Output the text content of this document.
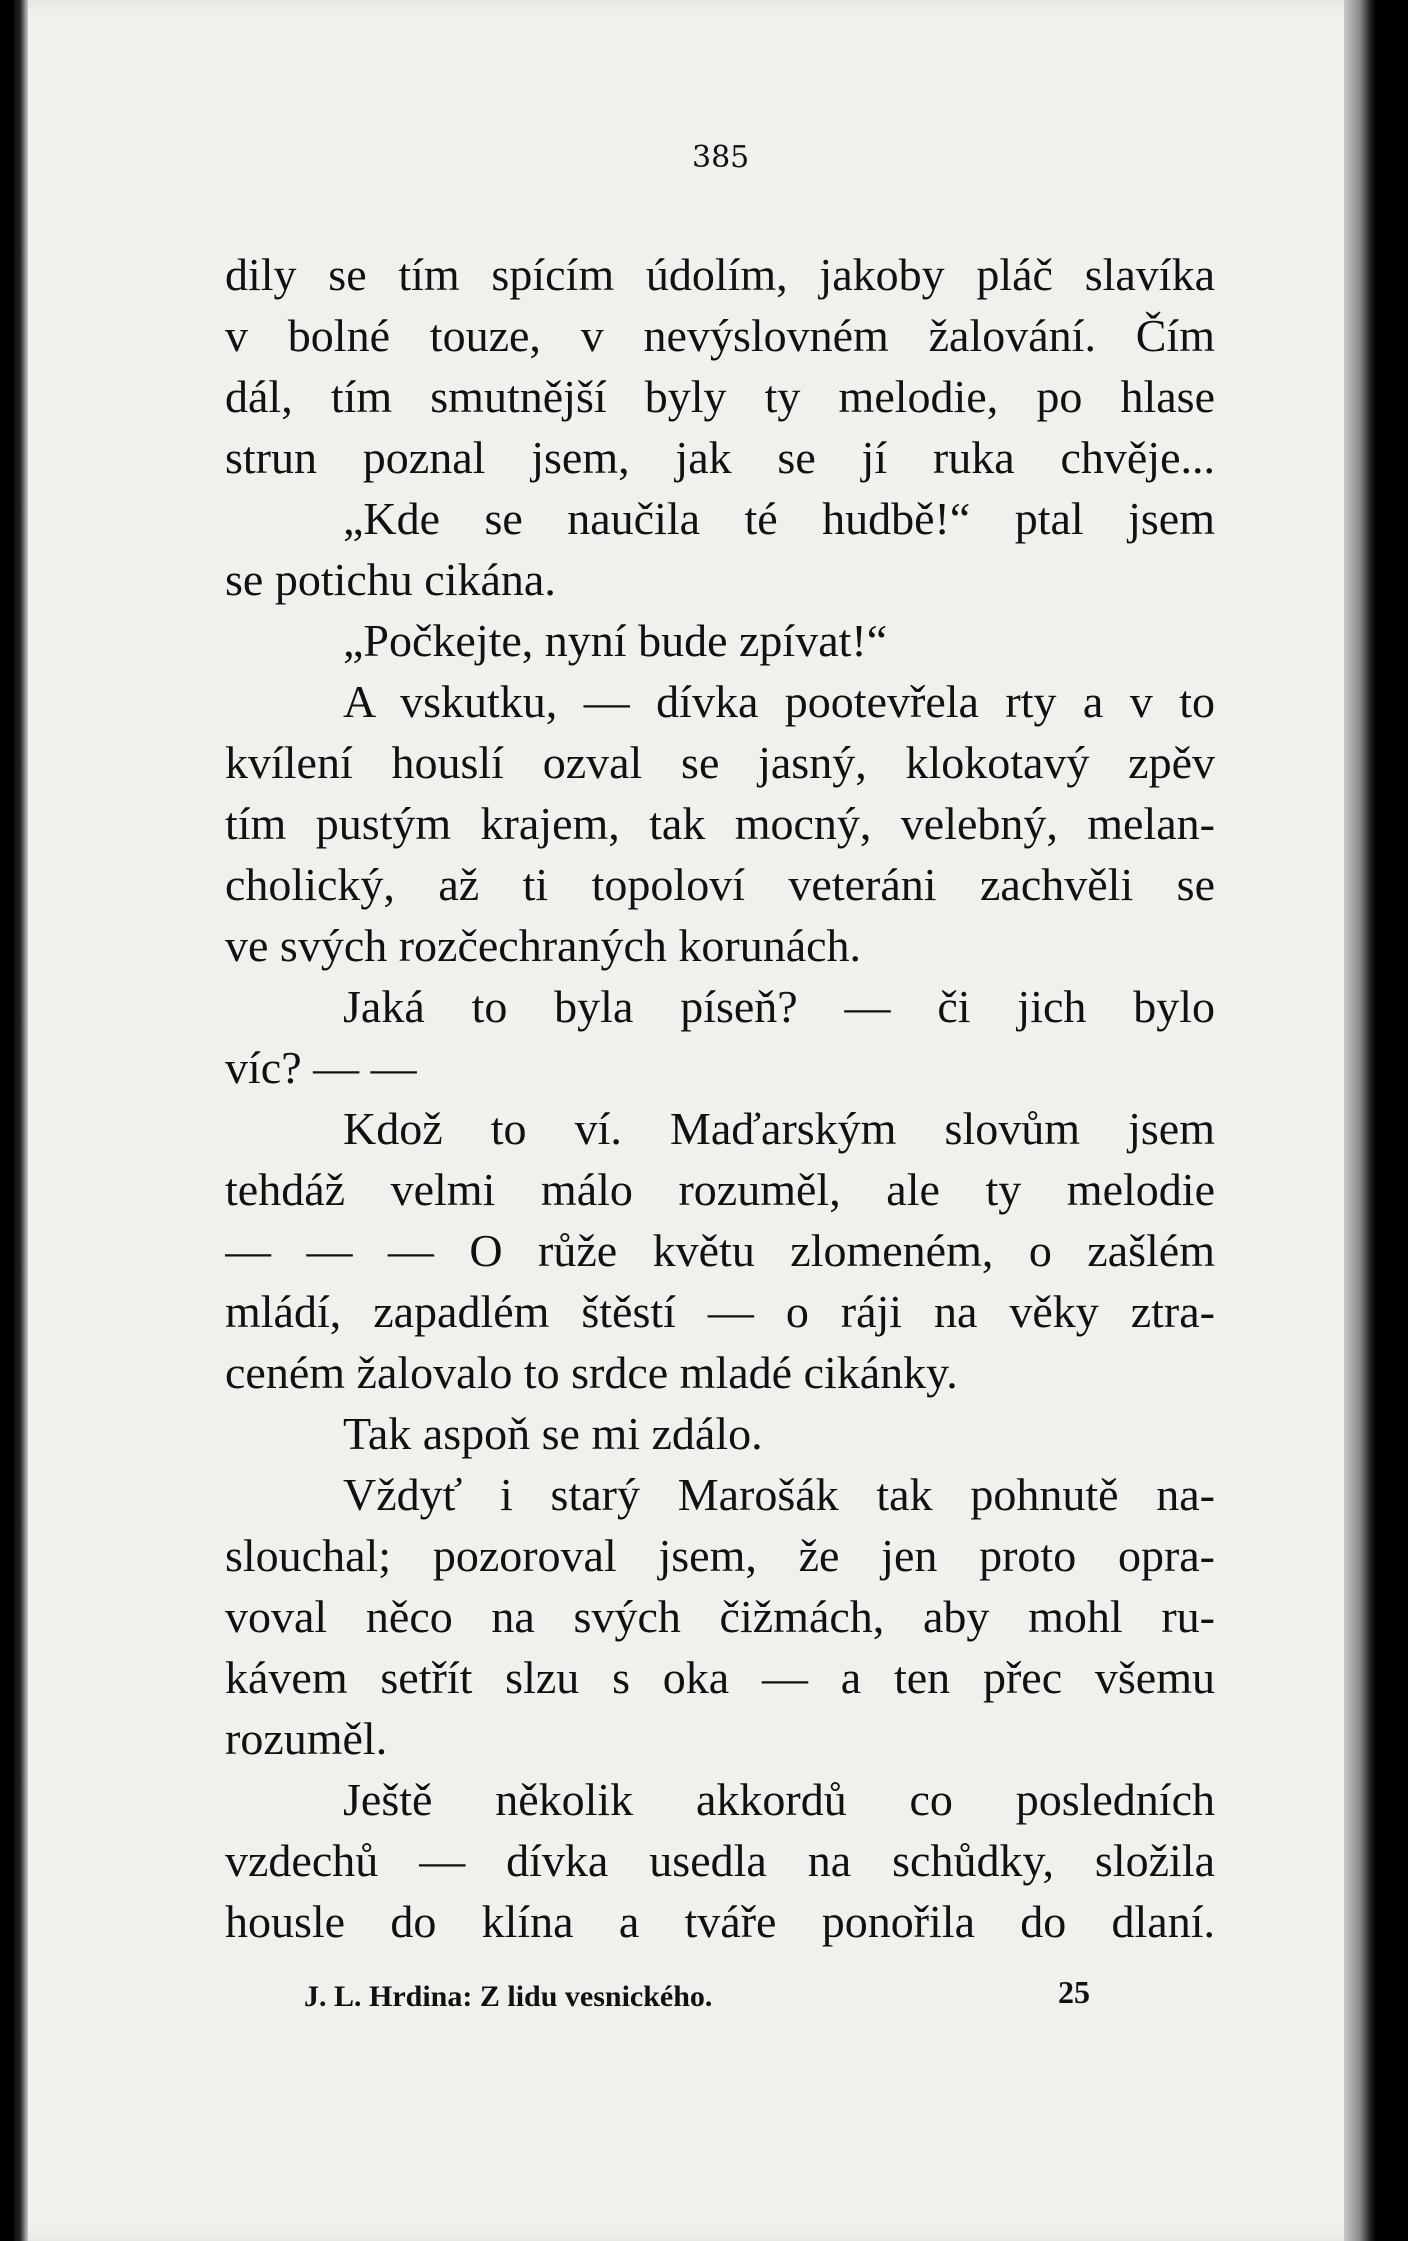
385
dily se tím spícím údolím, jakoby pláč slavíka
v bolné touze, v nevýslovném žalování. Čím
dál, tím smutnější byly ty melodie, po hlase
strun poznal jsem, jak se jí ruka chvěje...
„Kde se naučila té hudbě!“ ptal jsem
se potichu cikána.
„Počkejte, nyní bude zpívat!“
A vskutku, — dívka pootevřela rty a v to
kvílení houslí ozval se jasný, klokotavý zpěv
tím pustým krajem, tak mocný, velebný, melan-
cholický, až ti topoloví veteráni zachvěli se
ve svých rozčechraných korunách.
Jaká to byla píseň? — či jich bylo
víc? — —
Kdož to ví. Maďarským slovům jsem
tehdáž velmi málo rozuměl, ale ty melodie
— — — O růže květu zlomeném, o zašlém
mládí, zapadlém štěstí — o ráji na věky ztra-
ceném žalovalo to srdce mladé cikánky.
Tak aspoň se mi zdálo.
Vždyť i starý Marošák tak pohnutě na-
slouchal; pozoroval jsem, že jen proto opra-
voval něco na svých čižmách, aby mohl ru-
kávem setřít slzu s oka — a ten přec všemu
rozuměl.
Ještě několik akkordů co posledních
vzdechů — dívka usedla na schůdky, složila
housle do klína a tváře ponořila do dlaní.
J. L. Hrdina: Z lidu vesnického.	25
